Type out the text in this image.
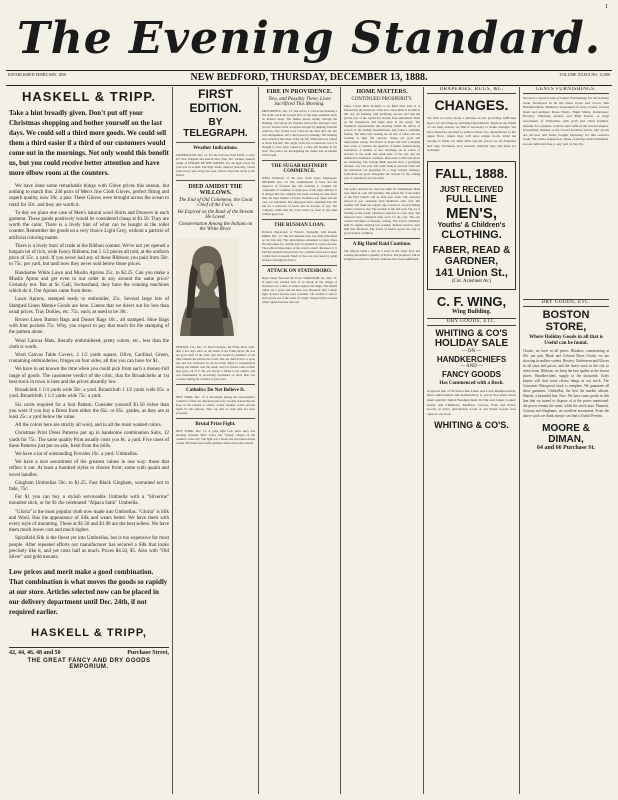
1
The Evening Standard.
ESTABLISHED FEBRUARY, 1850	NEW BEDFORD, THURSDAY, DECEMBER 13, 1888.	VOLUME XXXIX NO. 11,000
HASKELL & TRIPP.
Take a hint broadly given. Don't put off your Christmas shopping and bother yourself on the last days. We could sell a third more goods. We could sell them a third easier if a third of our customers would come out in the mornings. Not only would this benefit us, but you could receive better attention and have more elbow room at the counters.

We have done some remarkable things with Glove prices this season, but nothing to match this: 240 pairs of Men's fine Cloth Gloves, perfect fitting and superb quality, now 39c. a pair. These Gloves were brought across the ocean to retail for 50c. and they are worth it.

To-day we place one case of Men's natural wool Shirts and Drawers in each garment. These goods positively would be considered cheap at $1.50. They are worth the color. There is a lively hint of what can be bought at the toilet counter. Remember the goods on a very choice Light Grey, without a particle of artificial coloring matter.

There is a lively buzz of trade at the Ribbon counter. We've not yet opened a bargain lot of rich, wide Fancy Ribbons, but 5 1/2 pieces all told, at the uniform price of 35c. a yard. If you never had any of these Ribbons you paid from 50c. to 75c. per yard, but until now they never sold below those prices.

Handsome White Lawn and Muslin Aprons 25c. to $2.25. Can you make a Muslin Apron and get even to our order in any around the same price? Certainly not. But at St. Gall, Switzerland, they have the cunning machines which do it. Our Aprons came from there.

Lawn Aprons, stamped ready to embroider, 25c. Several large lots of Stamped Linen Momie Goods are here. Linens that we direct out for less than usual prices. Tray Doilies, etc. 75c. each, as used to be 30c.

Brown Linen Button Bags and Duster Bags 10c., all stamped. Shoe Bags with four pockets 75c. Why, you expect to pay that much for the stamping of the pattern alone.

Wool Canvas Mats, literally embroidered, pretty colors, etc., less than the cloth is worth.

Wool Canvas Table Covers, 2 1/2 yards square, Olive, Cardinal, Green, containing embroideries, fringes on four sides, all this you can have for $1.

We have to set known the time when you could pick from such a money-full range of goods. The cassimere verdict of the critic, that for Broadcloths at 1st best stock in town is here and the prices absurdly low.

Broadcloth 1 1/4 yards wide 50c. a yard. Broadcloth 1 1/2 yards wide 65c. a yard. Broadcloth 1 1/2 yards wide 75c. a yard.

Six cords required for a Suit Pattern. Consider yourself $1.50 richer than you were if you buy a Dress from either the 65c. or 85c. grades, as they are at least 25c. a yard below the value.

All the colors here are strictly all wool, and in all the most wanted colors.

Christmas Print Dress Patterns put up in handsome combination Suits, 12 yards for 75c. The same quality Print usually costs you 8c. a yard. Five cases of these Patterns just put on sale, fresh from the mills.

We have a lot of outstanding Fercales 10c. a yard. Umbrellas.

We have a nice assortment of the greatest values in one way: those that reflect it out. At least a hundred styles to choose from; some with quaint and novel handles.

Gingham Umbrellas 50c. to $1.25. Fast Black Gingham, warranted not to fade, 75c.

For $1 you can buy a stylish serviceable Umbrella with a "Silverine" mounted stick, or for $1 the celebrated "Alpaca Satin" Umbrella.

"Gloria" is the most popular cloth now made into Umbrellas. "Gloria" is Silk and Wool. Has the appearance of Silk and wears better. We have them with every style of mounting. Those at $1.50 and $1.98 are the best sellers. We have them much lower cost and much higher.

Spiralfold Silk is the finest yet into Umbrellas, but is too expensive for most people. After repeated efforts our manufacturer has secured a Silk that looks precisely like it, and yet costs half as much. Prices $4.50, $5. Also with "Old Silver" and gold mounts.

Low prices and merit make a good combination. That combination is what moves the goods so rapidly at our store. Articles selected now can be placed in our delivery department until Dec. 24th, if not required earlier.
HASKELL & TRIPP,
42, 44, 46, 48 and 50	Purchase Street,
THE GREAT FANCY AND DRY GOODS EMPORIUM.
FIRST EDITION.
BY TELEGRAPH.
Weather Indications.
WASHINGTON, Dec. 13. For the 24 hours from 8 P.M., to-day: For New England and eastern New York, fair, warmer, easterly winds. A STROKE OF THE WATERS. For the high school the yard was in trouble. The high winds, induced yesterday, caused some heavy seas along the coast, which closed the docks at the harbor.
DIED AMIDST THE WILLOWS.
The End of Old Colomeno, the Good Chief of the Fox's.
He Expired on the Bank of the Stream He Loved.
Consternation Among the Indians on the White River.
DENVER, Col., Dec. 13. Old Colomeno, the White River chief, died a few days since on the banks of the White River. He was the good chief of the Utes, and was buried by members of his tribe beneath the willows he loved. The old chief lived to a great age and was venerated by all the band. There is consternation among the Indians over his death, and it is feared some trouble may grow out of it. He was always a friend to the settlers, and was instrumental in preventing bloodshed on more than one occasion during the troubles of past years.
Catholics Do Not Believe It.
NEW YORK, Dec. 13. A movement among the representative Catholics of this city denounces the story recently started that the Pope in his scheme to relieve certain burdens would provide funds for the purpose. They say that no such plan has been proposed.
Brutal Prize Fight.
NEW YORK, Dec. 13. A prize fight took place early this morning between "Kid" Jones and "Young" Dugan on the outskirts of the city. The fight was a brutal one and lasted eleven rounds. Both men were badly punished before the police arrived.
FIRE IN PROVIDENCE.
Two, and Possibly Three, Lives Sacrificed This Morning.
PROVIDENCE, Dec. 13. Just before 5 o'clock this morning a fire broke out in the ground floor of the large tenement block on Federal street. The flames spread rapidly through the building, and before the firemen arrived the stairways were cut off. Several of the occupants escaped by jumping from the windows. Two bodies were found in the ruins after the fire was extinguished, and a third person is missing. The building was owned by the estate of the late Mr. Smith and was valued at about $12,000. The origin of the fire is unknown, but it is thought to have been caused by a lamp left burning in the store. The police are investigating the matter and an inquest will be held.
THE SUGAR REFINERY COMMENCE.
Wilful Violations of the Law. Work Upon Employees. DETROIT, Dec. 13. The commissioner of labor and the inspector of factories met this morning to consider the complaints of a number of employees of the sugar refinery. It is alleged that the company has been working its men more than the legal number of hours. Evidence was taken and the case was adjourned. The employees have organized and will ask for a reduction of hours and an increase of pay. The company claims that the work cannot be done in less time without great loss.
THE RUSSIAN LOAN.
Political Importance of France's Sympathy with Russia. PARIS, Dec. 13. The new Russian loan was fully subscribed on the first day. The subscriptions amounted to many times the sum asked for, and the loan is regarded as a great success. The political importance of the event is much discussed. It is said the relations between the two countries were never more cordial than at present. Much of the loan was taken by small investors throughout France.
ATTACK ON STATESBORO.
Negro Takes Terrorize the Town. SAVANNAH, Ga., Dec. 13. A report has reached here of an attack on the village of Statesboro by a mob of armed negroes last night. The sheriff called out a posse and the mob was dispersed after a sharp fight. Several persons were wounded. The trouble is said to have grown out of the arrest of a negro charged with a serious crime. Quiet has been restored.
HOME MATTERS.
CONTINUED PROSPERITY.
These Cotton Mills Probably to be Built Next Year. It is learned that the promoters of the new cotton mills to be built in this city are meeting with gratifying success and that the greater part of the capital has already been subscribed. Work on the foundations will begin early in the spring. The Standard's representative this morning visited the offices of several of the leading manufacturers and found a confident feeling. The mills now running are all full of orders and are working to their full capacity. Wages are good and employment steady. The Board of Trade will hold a meeting next week to consider the question of further manufacturing enterprises. A number of new dwellings are in course of erection in the north and south ends of the city, and the demand for tenements continues. Real estate is firm and prices are advancing. The Savings Bank deposits show a gratifying increase over last year. The retail trade is reported brisk and the merchants are preparing for a large holiday business. Collections are good. Altogether the outlook for the coming year is considered very favorable.
The police arrested two men last night for drunkenness. Both were fined in court this morning. The annual fair of the ladies of the First Church will be held next week. The schooner arrived in port yesterday from Baltimore with coal. The steamer will make her regular trip to-morrow. Several fishing vessels arrived to-day. The weather is fair and cold. The ice is forming on the ponds. Skating is expected in a few days. The assessors have completed their work for the year. The city council will meet on Monday evening. The school committee held its regular meeting last evening. Funeral services were held this afternoon. The board of health reports the city in good sanitary condition.
A Big Hotel Raid Continue.
The officers made a raid on a hotel on the water front last evening and seized a quantity of liquors. The proprietor will be arraigned to-morrow. Several witnesses have been summoned.
DRAPERIES, RUGS, &C.
CHANGES.
We find we have made a mistake in not providing sufficient space for our Drapery and Rug Departments. Right in the midst of our busy season we find it necessary to make changes. We have therefore decided to remove these two departments to the upper floor, where they will have ample room. Until the change is made we shall offer special prices on all draperies and rugs. Portieres, lace curtains, Smyrna rugs and mats are included.
FALL, 1888.
JUST RECEIVED
FULL LINE
MEN'S,
Youths' & Children's
CLOTHING.
FABER, READ & GARDNER,
141 Union St.,
(Cor. Acushnet Av.)
C. F. WING,
Wing Building.
DRY GOODS, ETC.
WHITING & CO'S
HOLIDAY SALE
— ON —
HANDKERCHIEFS
— AND —
FANCY GOODS
Has Commenced with a Rush.
A special line of 50 dozen fine Linen and Lawn Handkerchiefs, hand embroidered and hemstitched, at prices that must move them quickly. Initial Handkerchiefs in Silk and Linen, Ladies' Gents' and Children's. Mufflers, Gloves, Fans and Fancy Goods of every description. Look at our Toilet Goods now open at our store.
WHITING & CO'S.
GENTS FURNISHINGS.
We have a special sale of Gents' Furnishings for the holiday trade. Neckwear in all the latest styles and colors, Silk Handkerchiefs, Mufflers, Suspenders in fancy boxes, Gloves lined and unlined, Dress Shirts, Night Shirts, Underwear, Hosiery, Smoking Jackets and Bath Robes. A large assortment of Umbrellas with gold and silver handles, suitable for presents. Collars and Cuffs in the newest shapes. Everything marked at the lowest possible prices. Our goods are all new and fresh, bought expressly for this season's trade. We invite inspection. Open evenings until Christmas. Goods delivered free to any part of the city.
DRY GOODS, ETC.
BOSTON STORE,
Where Holiday Goods in all that is Useful can be found.
Cloaks, we have in all prices. Blankets, commencing at 69c. per pair. Black and Colored Dress Goods, we are showing in endless variety. Hosiery, Underwear and Gloves in all sizes and prices, and the finest stock in the city to select from. Ribbons, we keep the best quality at the lowest prices. Handkerchiefs, supply to the thousands. Early buyers will find some choice things in our stock. The Gossamer Waterproof stock is complete. We guarantee all these garments. Umbrellas, the best the market affords. Shawls, a beautiful line. Furs. We have some goods in this line that we intend to dispose of at the prices mentioned, the prices remain the same, while the stock lasts. Flannels, Cottons and Ginghams, an excellent assortment. From the above stock we think anyone can find a Useful Present.
MOORE & DIMAN,
64 and 66 Purchase St.
